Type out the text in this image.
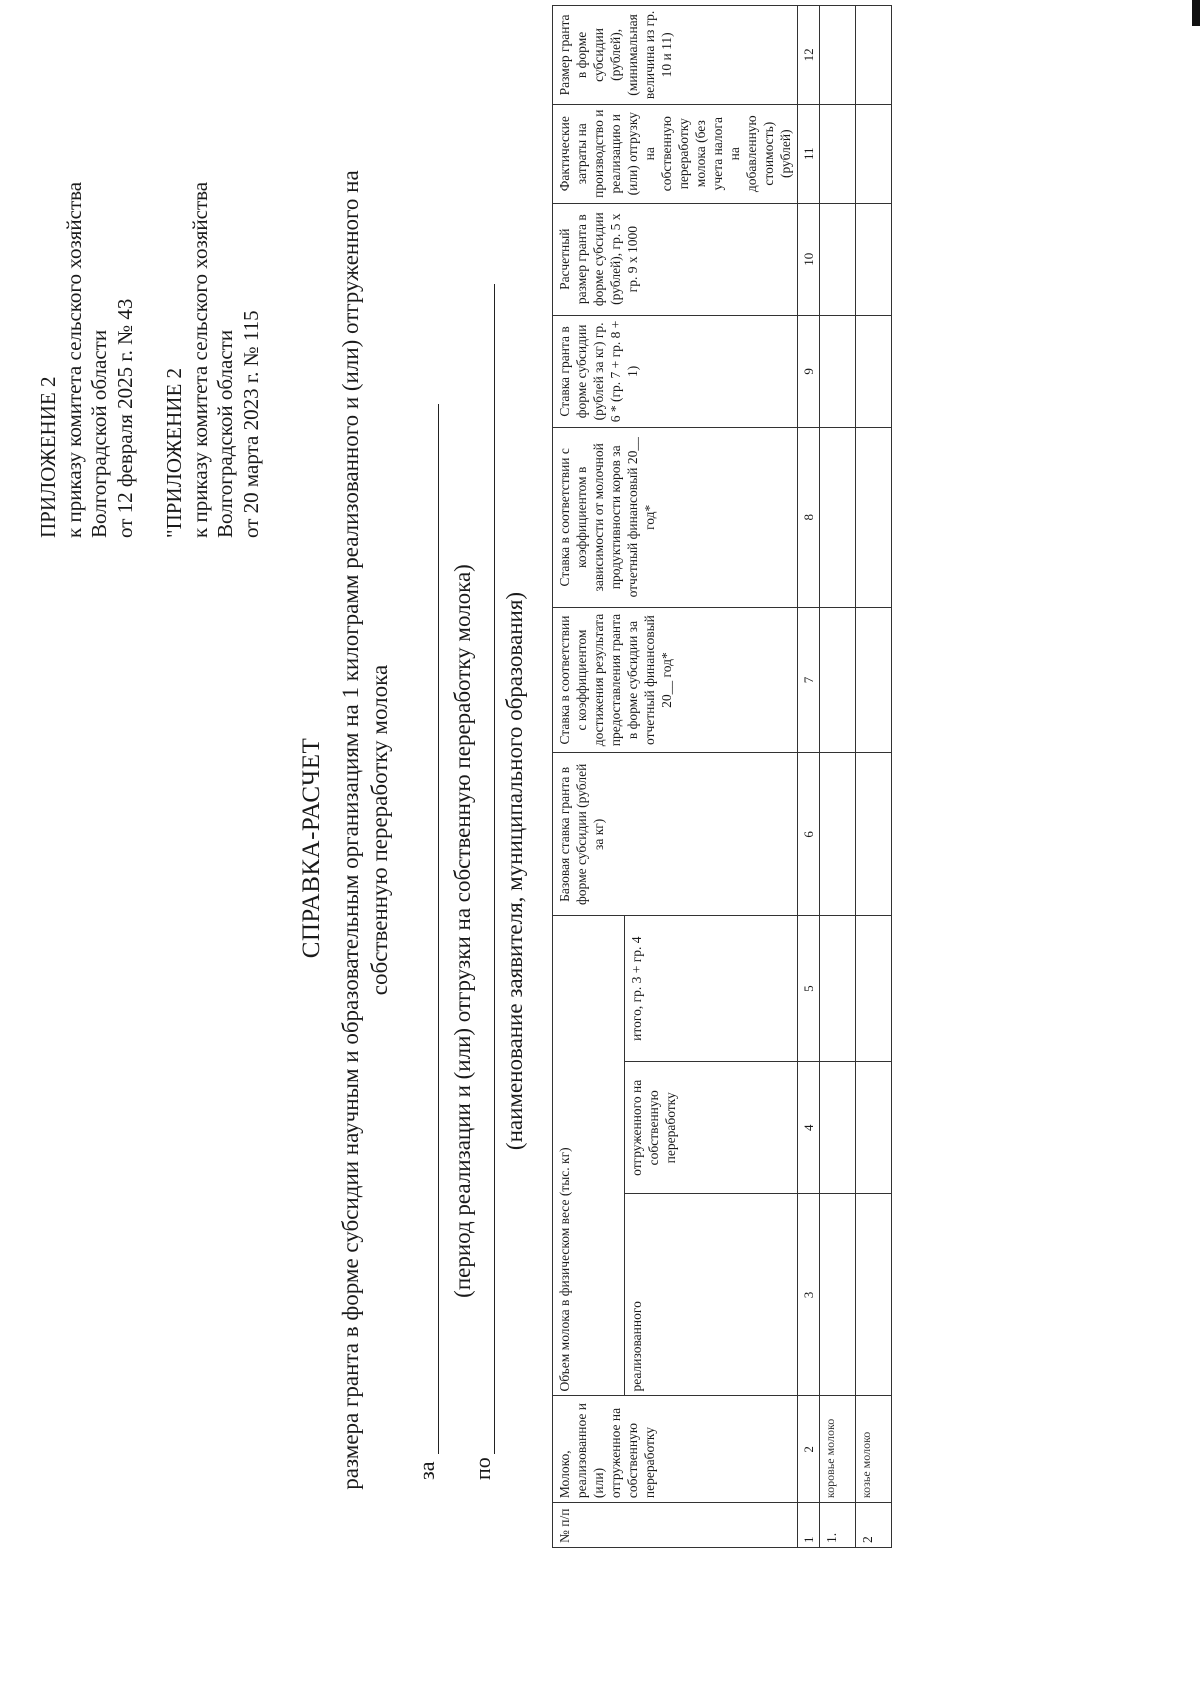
ПРИЛОЖЕНИЕ 2 к приказу комитета сельского хозяйства Волгоградской области от 12 февраля 2025 г. № 43 "ПРИЛОЖЕНИЕ 2 к приказу комитета сельского хозяйства Волгоградской области от 20 марта 2023 г. № 115
СПРАВКА-РАСЧЕТ размера гранта в форме субсидии научным и образовательным организациям на 1 килограмм реализованного и (или) отгруженного на собственную переработку молока
за
(период реализации и (или) отгрузки на собственную переработку молока)
по
(наименование заявителя, муниципального образования)
№ п/п	Молоко, реализованное и (или) отгруженное на собственную переработку	Объем молока в физическом весе (тыс. кг)			Базовая ставка гранта в форме субсидии (рублей за кг)	Ставка в соответствии с коэффициентом достижения результата предоставления гранта в форме субсидии за отчетный финансовый 20__ год*	Ставка в соответствии с коэффициентом в зависимости от молочной продуктивности коров за отчетный финансовый 20__ год*	Ставка гранта в форме субсидии (рублей за кг) гр. 6 * (гр. 7 + гр. 8 + 1)	Расчетный размер гранта в форме субсидии (рублей), гр. 5 х гр. 9 х 1000	Фактические затраты на производство и реализацию и (или) отгрузку на собственную переработку молока (без учета налога на добавленную стоимость) (рублей)	Размер гранта в форме субсидии (рублей), (минимальная величина из гр. 10 и 11)
		реализованного	отгруженного на собственную переработку	итого, гр. 3 + гр. 4							
1	2	3	4	5	6	7	8	9	10	11	12
1.	коровье молоко										
2	козье молоко										
